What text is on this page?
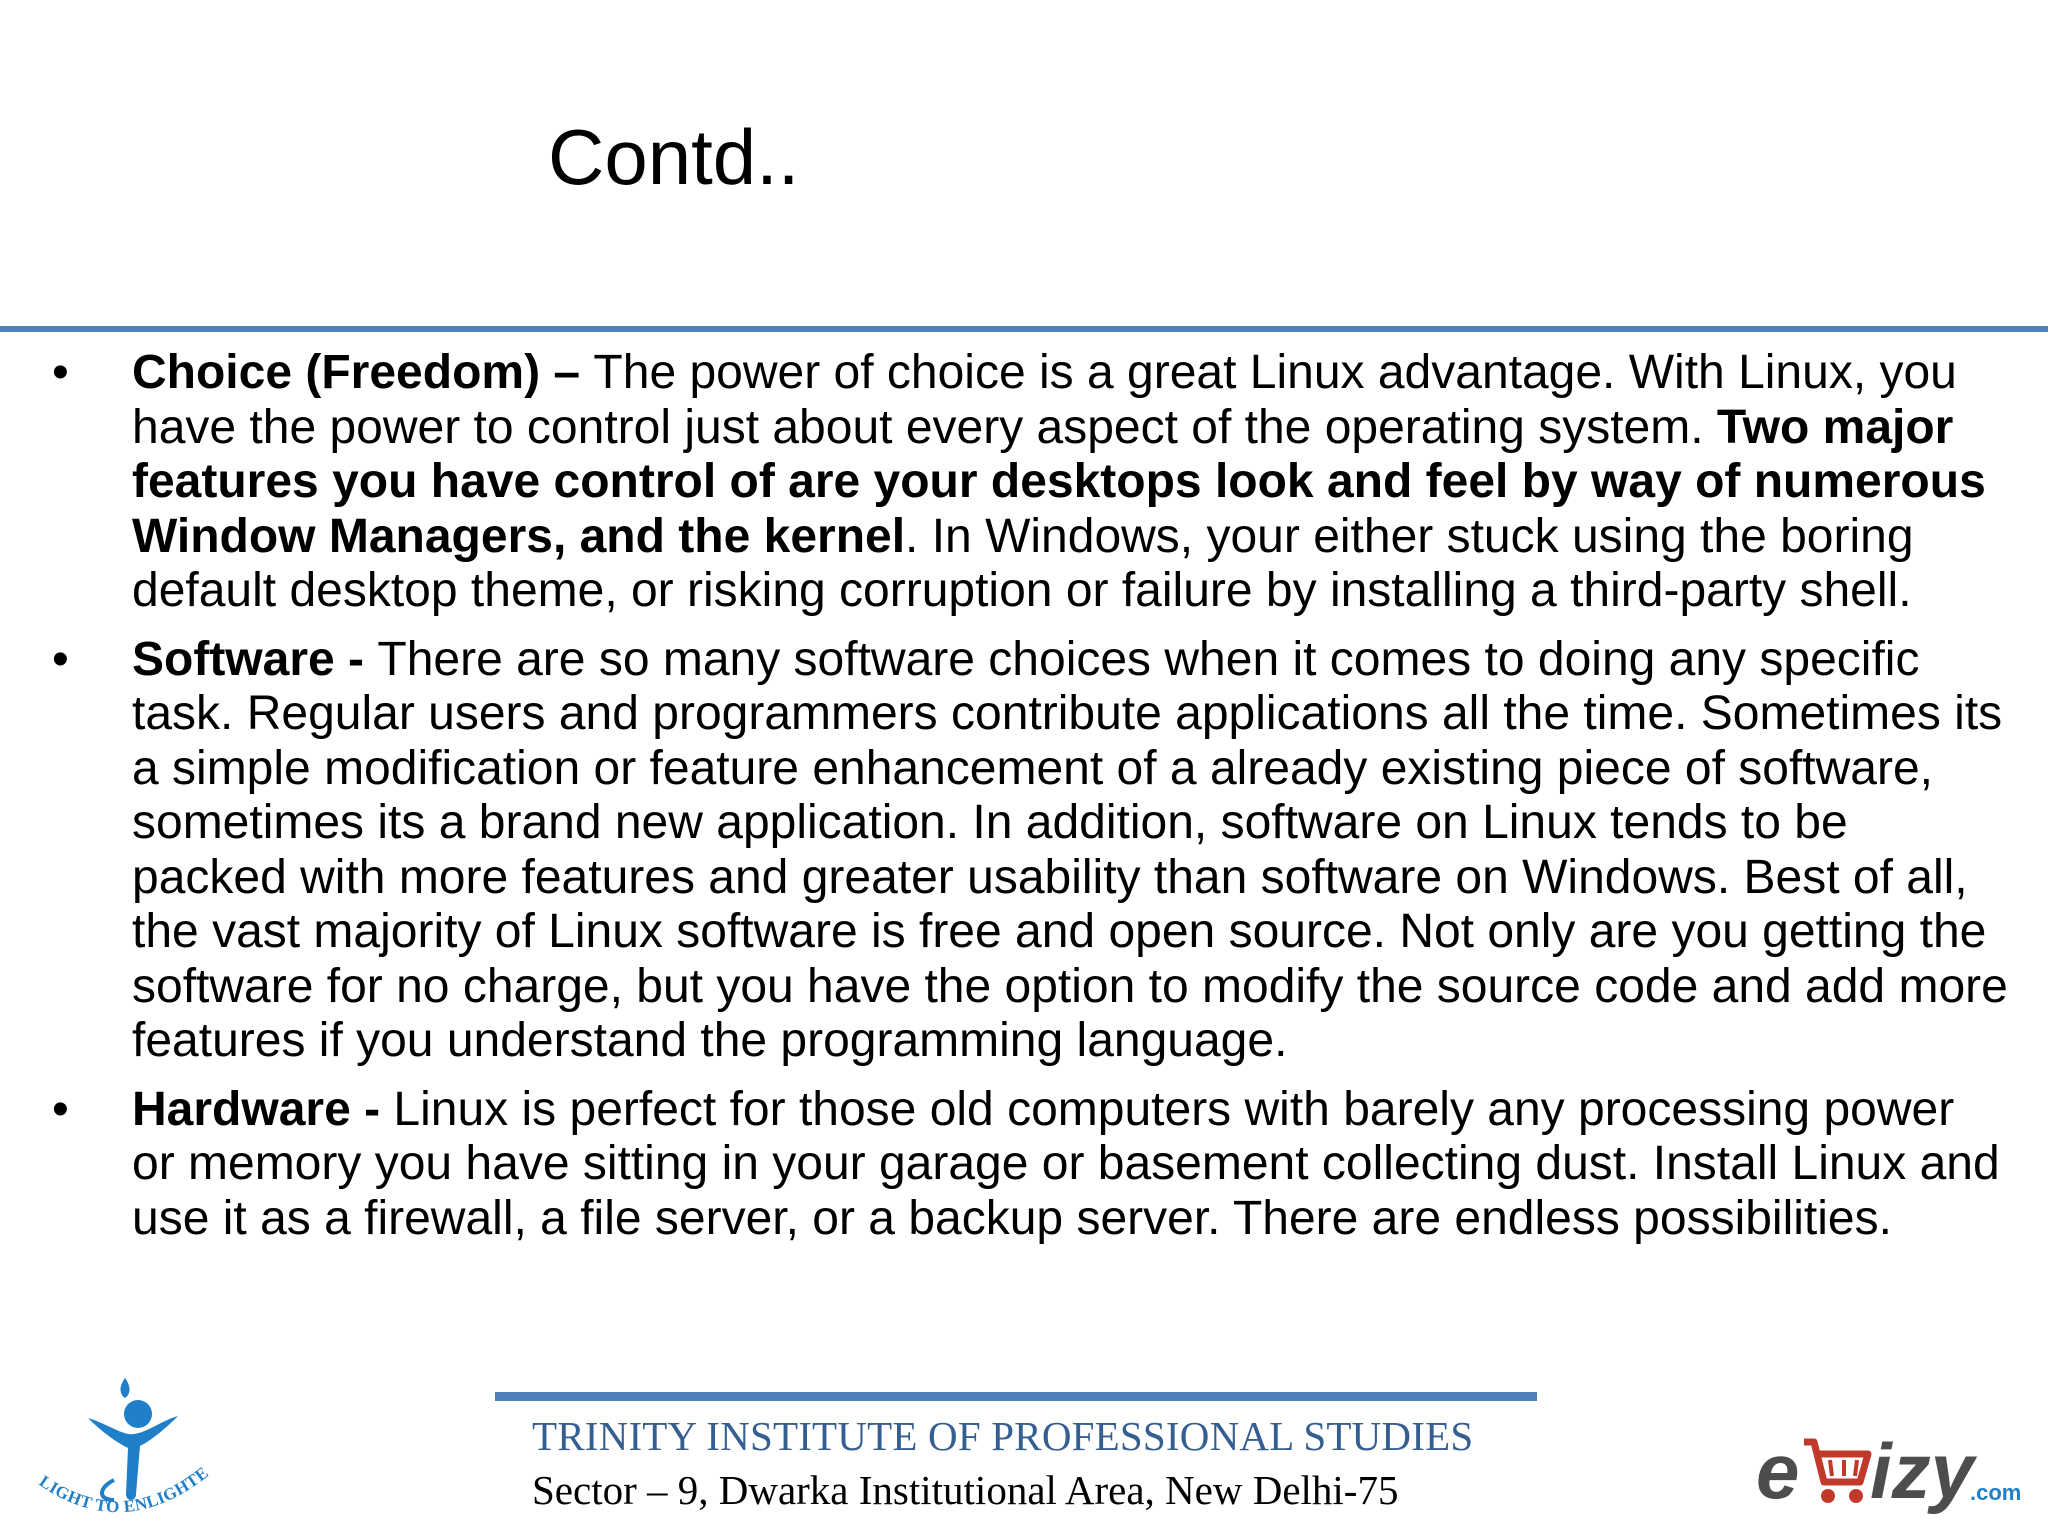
Contd..
•	Choice (Freedom) – The power of choice is a great Linux advantage. With Linux, you have the power to control just about every aspect of the operating system. Two major features you have control of are your desktops look and feel by way of numerous Window Managers, and the kernel. In Windows, your either stuck using the boring default desktop theme, or risking corruption or failure by installing a third-party shell.
•	Software - There are so many software choices when it comes to doing any specific task. Regular users and programmers contribute applications all the time. Sometimes its a simple modification or feature enhancement of a already existing piece of software, sometimes its a brand new application. In addition, software on Linux tends to be packed with more features and greater usability than software on Windows. Best of all, the vast majority of Linux software is free and open source. Not only are you getting the software for no charge, but you have the option to modify the source code and add more features if you understand the programming language.
•	Hardware - Linux is perfect for those old computers with barely any processing power or memory you have sitting in your garage or basement collecting dust. Install Linux and use it as a firewall, a file server, or a backup server. There are endless possibilities.
TRINITY INSTITUTE OF PROFESSIONAL STUDIES
Sector – 9, Dwarka Institutional Area, New Delhi-75
LIGHT TO ENLIGHTE	e izy
.com
